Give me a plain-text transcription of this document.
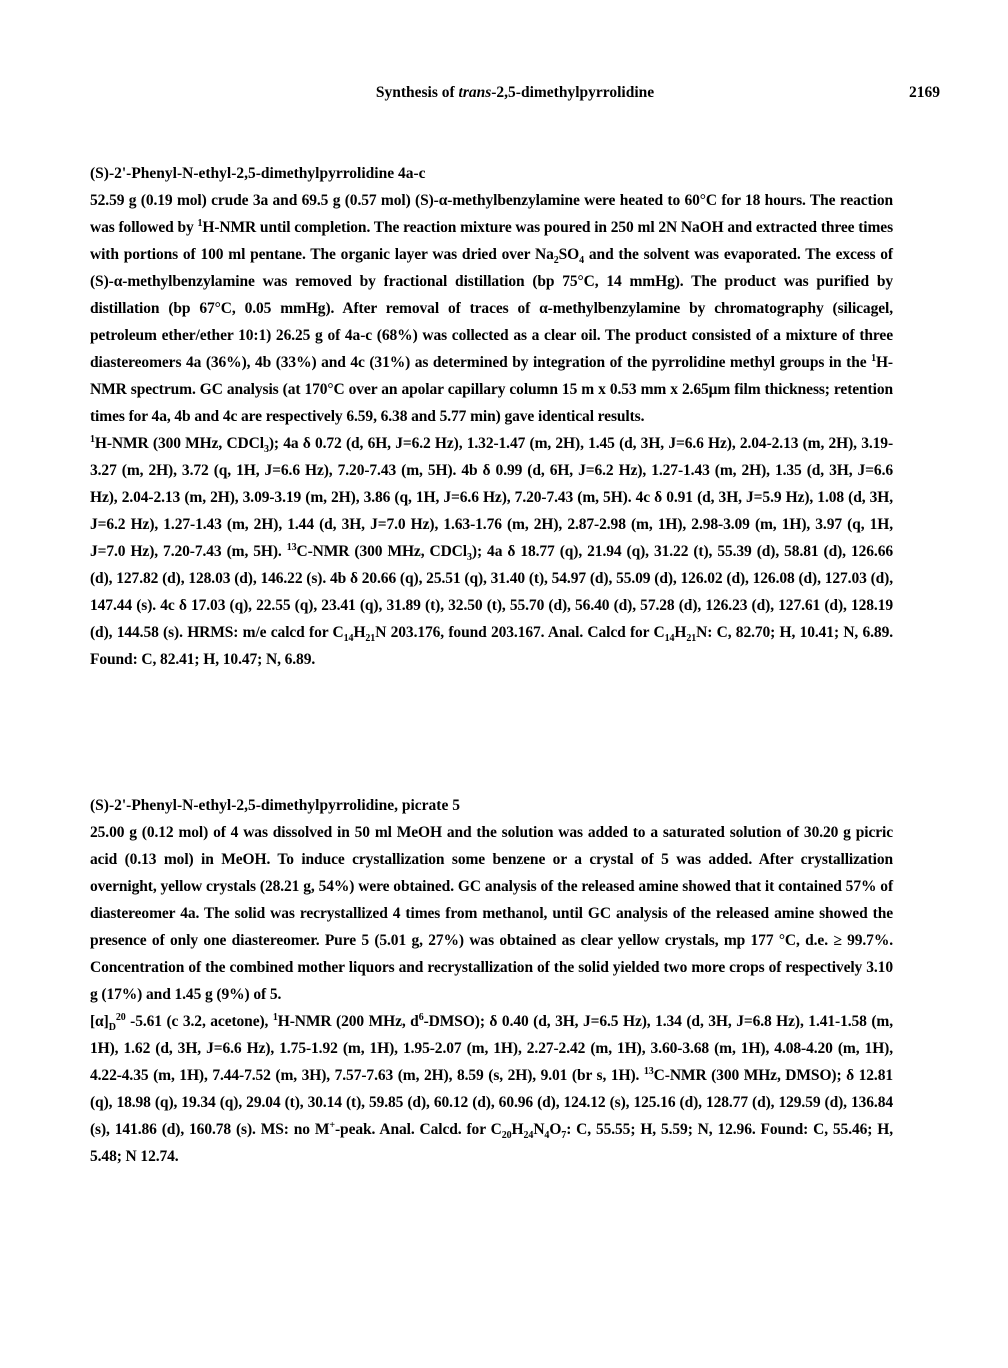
Synthesis of trans-2,5-dimethylpyrrolidine	2169
(S)-2'-Phenyl-N-ethyl-2,5-dimethylpyrrolidine 4a-c

52.59 g (0.19 mol) crude 3a and 69.5 g (0.57 mol) (S)-α-methylbenzylamine were heated to 60°C for 18 hours. The reaction was followed by $^1$H-NMR until completion. The reaction mixture was poured in 250 ml 2N NaOH and extracted three times with portions of 100 ml pentane. The organic layer was dried over $Na_2SO_4$ and the solvent was evaporated. The excess of (S)-α-methylbenzylamine was removed by fractional distillation (bp 75°C, 14 mmHg). The product was purified by distillation (bp 67°C, 0.05 mmHg). After removal of traces of α-methylbenzylamine by chromatography (silicagel, petroleum ether/ether 10:1) 26.25 g of 4a-c (68%) was collected as a clear oil. The product consisted of a mixture of three diastereomers 4a (36%), 4b (33%) and 4c (31%) as determined by integration of the pyrrolidine methyl groups in the $^1$H-NMR spectrum. GC analysis (at 170°C over an apolar capillary column 15 m x 0.53 mm x 2.65μm film thickness; retention times for 4a, 4b and 4c are respectively 6.59, 6.38 and 5.77 min) gave identical results.

$^1$H-NMR (300 MHz, CDCl$_3$); 4a δ 0.72 (d, 6H, J=6.2 Hz), 1.32-1.47 (m, 2H), 1.45 (d, 3H, J=6.6 Hz), 2.04-2.13 (m, 2H), 3.19-3.27 (m, 2H), 3.72 (q, 1H, J=6.6 Hz), 7.20-7.43 (m, 5H). 4b δ 0.99 (d, 6H, J=6.2 Hz), 1.27-1.43 (m, 2H), 1.35 (d, 3H, J=6.6 Hz), 2.04-2.13 (m, 2H), 3.09-3.19 (m, 2H), 3.86 (q, 1H, J=6.6 Hz), 7.20-7.43 (m, 5H). 4c δ 0.91 (d, 3H, J=5.9 Hz), 1.08 (d, 3H, J=6.2 Hz), 1.27-1.43 (m, 2H), 1.44 (d, 3H, J=7.0 Hz), 1.63-1.76 (m, 2H), 2.87-2.98 (m, 1H), 2.98-3.09 (m, 1H), 3.97 (q, 1H, J=7.0 Hz), 7.20-7.43 (m, 5H). $^{13}$C-NMR (300 MHz, CDCl$_3$); 4a δ 18.77 (q), 21.94 (q), 31.22 (t), 55.39 (d), 58.81 (d), 126.66 (d), 127.82 (d), 128.03 (d), 146.22 (s). 4b δ 20.66 (q), 25.51 (q), 31.40 (t), 54.97 (d), 55.09 (d), 126.02 (d), 126.08 (d), 127.03 (d), 147.44 (s). 4c δ 17.03 (q), 22.55 (q), 23.41 (q), 31.89 (t), 32.50 (t), 55.70 (d), 56.40 (d), 57.28 (d), 126.23 (d), 127.61 (d), 128.19 (d), 144.58 (s). HRMS: m/e calcd for $C_{14}H_{21}N$ 203.176, found 203.167. Anal. Calcd for $C_{14}H_{21}N$: C, 82.70; H, 10.41; N, 6.89. Found: C, 82.41; H, 10.47; N, 6.89.

(S)-2'-Phenyl-N-ethyl-2,5-dimethylpyrrolidine, picrate 5

25.00 g (0.12 mol) of 4 was dissolved in 50 ml MeOH and the solution was added to a saturated solution of 30.20 g picric acid (0.13 mol) in MeOH. To induce crystallization some benzene or a crystal of 5 was added. After crystallization overnight, yellow crystals (28.21 g, 54%) were obtained. GC analysis of the released amine showed that it contained 57% of diastereomer 4a. The solid was recrystallized 4 times from methanol, until GC analysis of the released amine showed the presence of only one diastereomer. Pure 5 (5.01 g, 27%) was obtained as clear yellow crystals, mp 177 °C, d.e. ≥ 99.7%. Concentration of the combined mother liquors and recrystallization of the solid yielded two more crops of respectively 3.10 g (17%) and 1.45 g (9%) of 5.

$[\alpha]_D^{20}$ -5.61 (c 3.2, acetone), $^1$H-NMR (200 MHz, $d^6-DMSO$); δ 0.40 (d, 3H, J=6.5 Hz), 1.34 (d, 3H, J=6.8 Hz), 1.41-1.58 (m, 1H), 1.62 (d, 3H, J=6.6 Hz), 1.75-1.92 (m, 1H), 1.95-2.07 (m, 1H), 2.27-2.42 (m, 1H), 3.60-3.68 (m, 1H), 4.08-4.20 (m, 1H), 4.22-4.35 (m, 1H), 7.44-7.52 (m, 3H), 7.57-7.63 (m, 2H), 8.59 (s, 2H), 9.01 (br s, 1H). $^{13}$C-NMR (300 MHz, DMSO); δ 12.81 (q), 18.98 (q), 19.34 (q), 29.04 (t), 30.14 (t), 59.85 (d), 60.12 (d), 60.96 (d), 124.12 (s), 125.16 (d), 128.77 (d), 129.59 (d), 136.84 (s), 141.86 (d), 160.78 (s). MS: no M+-peak. Anal. Calcd. for $C_{20}H_{24}N_4O_7$: C, 55.55; H, 5.59; N, 12.96. Found: C, 55.46; H, 5.48; N 12.74.
